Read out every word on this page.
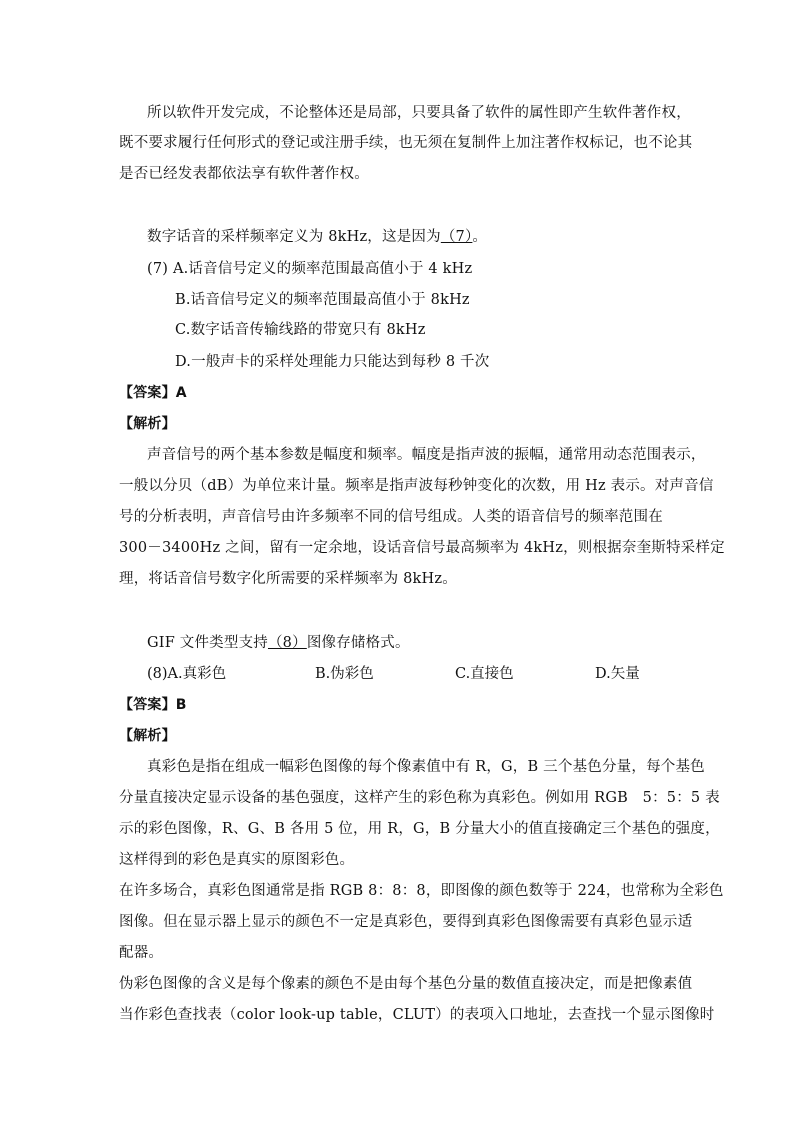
所以软件开发完成，不论整体还是局部，只要具备了软件的属性即产生软件著作权，
既不要求履行任何形式的登记或注册手续，也无须在复制件上加注著作权标记，也不论其
是否已经发表都依法享有软件著作权。
数字话音的采样频率定义为 8kHz，这是因为（7）。
(7) A.话音信号定义的频率范围最高值小于 4 kHz
B.话音信号定义的频率范围最高值小于 8kHz
C.数字话音传输线路的带宽只有 8kHz
D.一般声卡的采样处理能力只能达到每秒 8 千次
【答案】A
【解析】
声音信号的两个基本参数是幅度和频率。幅度是指声波的振幅，通常用动态范围表示，
一般以分贝（dB）为单位来计量。频率是指声波每秒钟变化的次数，用 Hz 表示。对声音信
号的分析表明，声音信号由许多频率不同的信号组成。人类的语音信号的频率范围在
300－3400Hz 之间，留有一定余地，设话音信号最高频率为 4kHz，则根据奈奎斯特采样定
理，将话音信号数字化所需要的采样频率为 8kHz。
GIF 文件类型支持（8）图像存储格式。
(8)A.真彩色	B.伪彩色	C.直接色	D.矢量
【答案】B
【解析】
真彩色是指在组成一幅彩色图像的每个像素值中有 R，G，B 三个基色分量，每个基色
分量直接决定显示设备的基色强度，这样产生的彩色称为真彩色。例如用 RGB　5：5：5 表
示的彩色图像，R、G、B 各用 5 位，用 R，G，B 分量大小的值直接确定三个基色的强度，
这样得到的彩色是真实的原图彩色。
在许多场合，真彩色图通常是指 RGB 8：8：8，即图像的颜色数等于 224，也常称为全彩色
图像。但在显示器上显示的颜色不一定是真彩色，要得到真彩色图像需要有真彩色显示适
配器。
伪彩色图像的含义是每个像素的颜色不是由每个基色分量的数值直接决定，而是把像素值
当作彩色查找表（color look-up table，CLUT）的表项入口地址，去查找一个显示图像时
